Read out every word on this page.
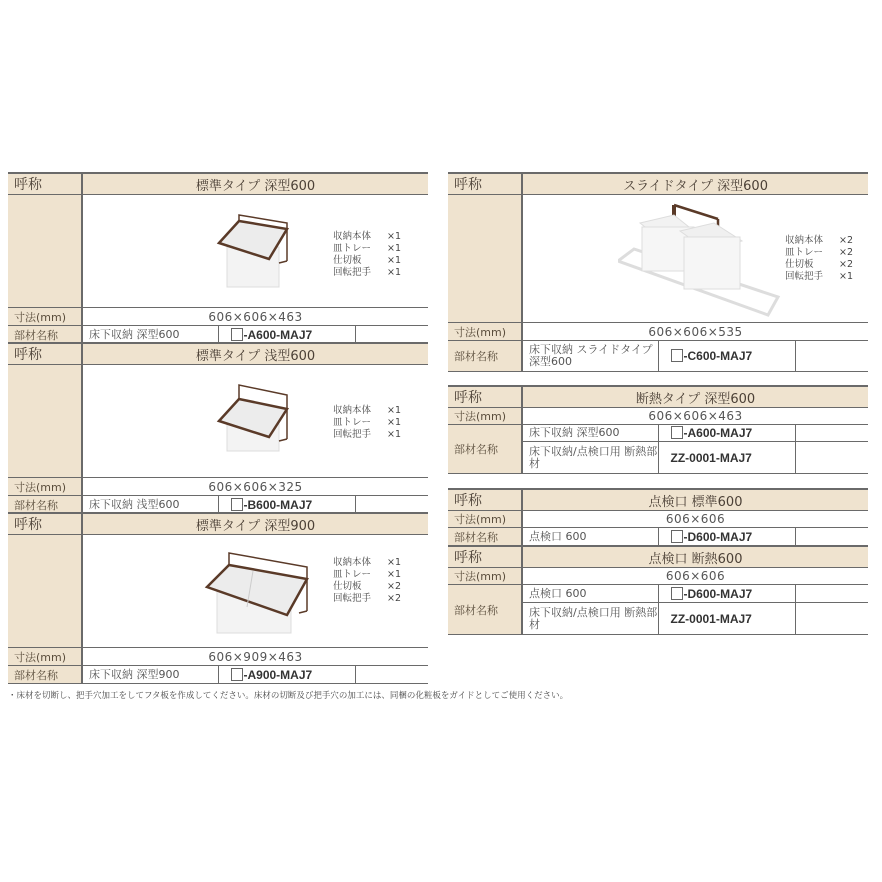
呼称	標準タイプ 深型600		

収納本体	×1
皿トレー	×1
仕切板	×1
回転把手	×1

寸法(mm)	606×606×463		
部材名称	床下収納 深型600	-A600-MAJ7	
呼称	標準タイプ 浅型600		

収納本体	×1
皿トレー	×1
回転把手	×1

寸法(mm)	606×606×325		
部材名称	床下収納 浅型600	-B600-MAJ7	
呼称	標準タイプ 深型900		

収納本体	×1
皿トレー	×1
仕切板	×2
回転把手	×2

寸法(mm)	606×909×463		
部材名称	床下収納 深型900	-A900-MAJ7	
呼称	スライドタイプ 深型600		

収納本体	×2
皿トレー	×2
仕切板	×2
回転把手	×1

寸法(mm)	606×606×535		
部材名称	床下収納 スライドタイプ 深型600	-C600-MAJ7	
呼称	断熱タイプ 深型600		
寸法(mm)	606×606×463		
部材名称	床下収納 深型600	-A600-MAJ7	
	床下収納/点検口用 断熱部材	ZZ-0001-MAJ7	
呼称	点検口 標準600		
寸法(mm)	606×606		
部材名称	点検口 600	-D600-MAJ7	
呼称	点検口 断熱600		
寸法(mm)	606×606		
部材名称	点検口 600	-D600-MAJ7	
	床下収納/点検口用 断熱部材	ZZ-0001-MAJ7	
・床材を切断し、把手穴加工をしてフタ板を作成してください。床材の切断及び把手穴の加工には、同梱の化粧板をガイドとしてご使用ください。
